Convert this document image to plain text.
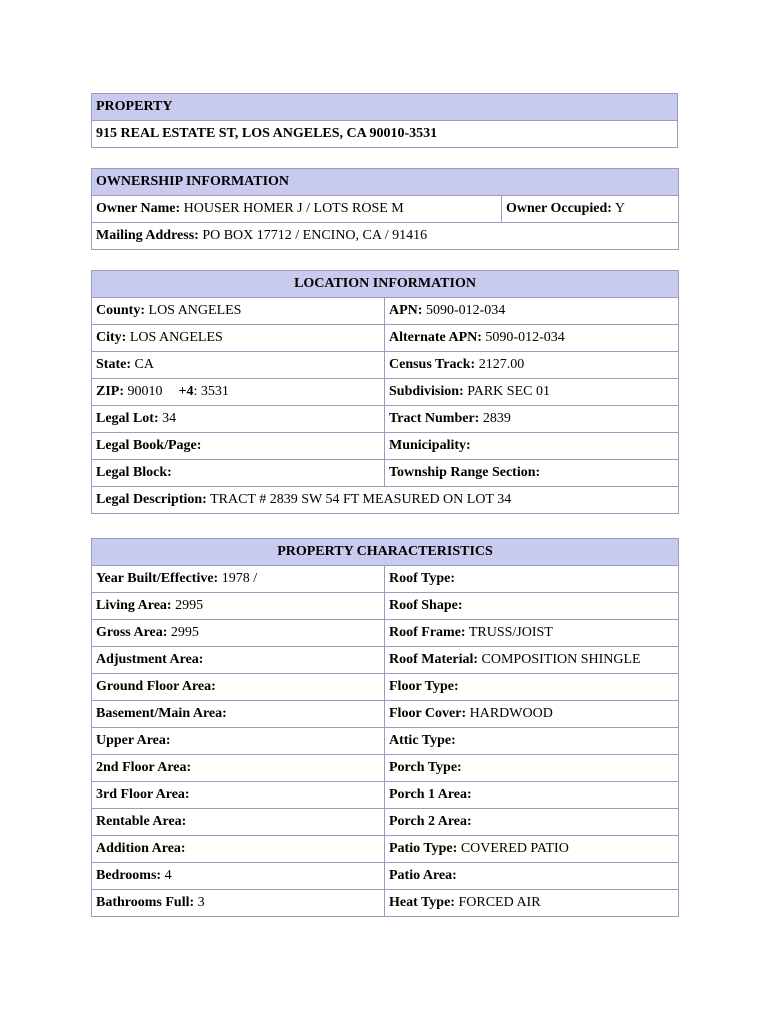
PROPERTY
915 REAL ESTATE ST, LOS ANGELES, CA 90010-3531
OWNERSHIP INFORMATION
Owner Name: HOUSER HOMER J / LOTS ROSE M	Owner Occupied: Y
Mailing Address: PO BOX 17712 / ENCINO, CA / 91416
LOCATION INFORMATION	
County: LOS ANGELES	APN: 5090-012-034
City: LOS ANGELES	Alternate APN: 5090-012-034
State: CA	Census Track: 2127.00
ZIP: 90010 +4: 3531	Subdivision: PARK SEC 01
Legal Lot: 34	Tract Number: 2839
Legal Book/Page:	Municipality:
Legal Block:	Township Range Section:
Legal Description: TRACT # 2839 SW 54 FT MEASURED ON LOT 34	
PROPERTY CHARACTERISTICS	
Year Built/Effective: 1978 /	Roof Type:
Living Area: 2995	Roof Shape:
Gross Area: 2995	Roof Frame: TRUSS/JOIST
Adjustment Area:	Roof Material: COMPOSITION SHINGLE
Ground Floor Area:	Floor Type:
Basement/Main Area:	Floor Cover: HARDWOOD
Upper Area:	Attic Type:
2nd Floor Area:	Porch Type:
3rd Floor Area:	Porch 1 Area:
Rentable Area:	Porch 2 Area:
Addition Area:	Patio Type: COVERED PATIO
Bedrooms: 4	Patio Area:
Bathrooms Full: 3	Heat Type: FORCED AIR
